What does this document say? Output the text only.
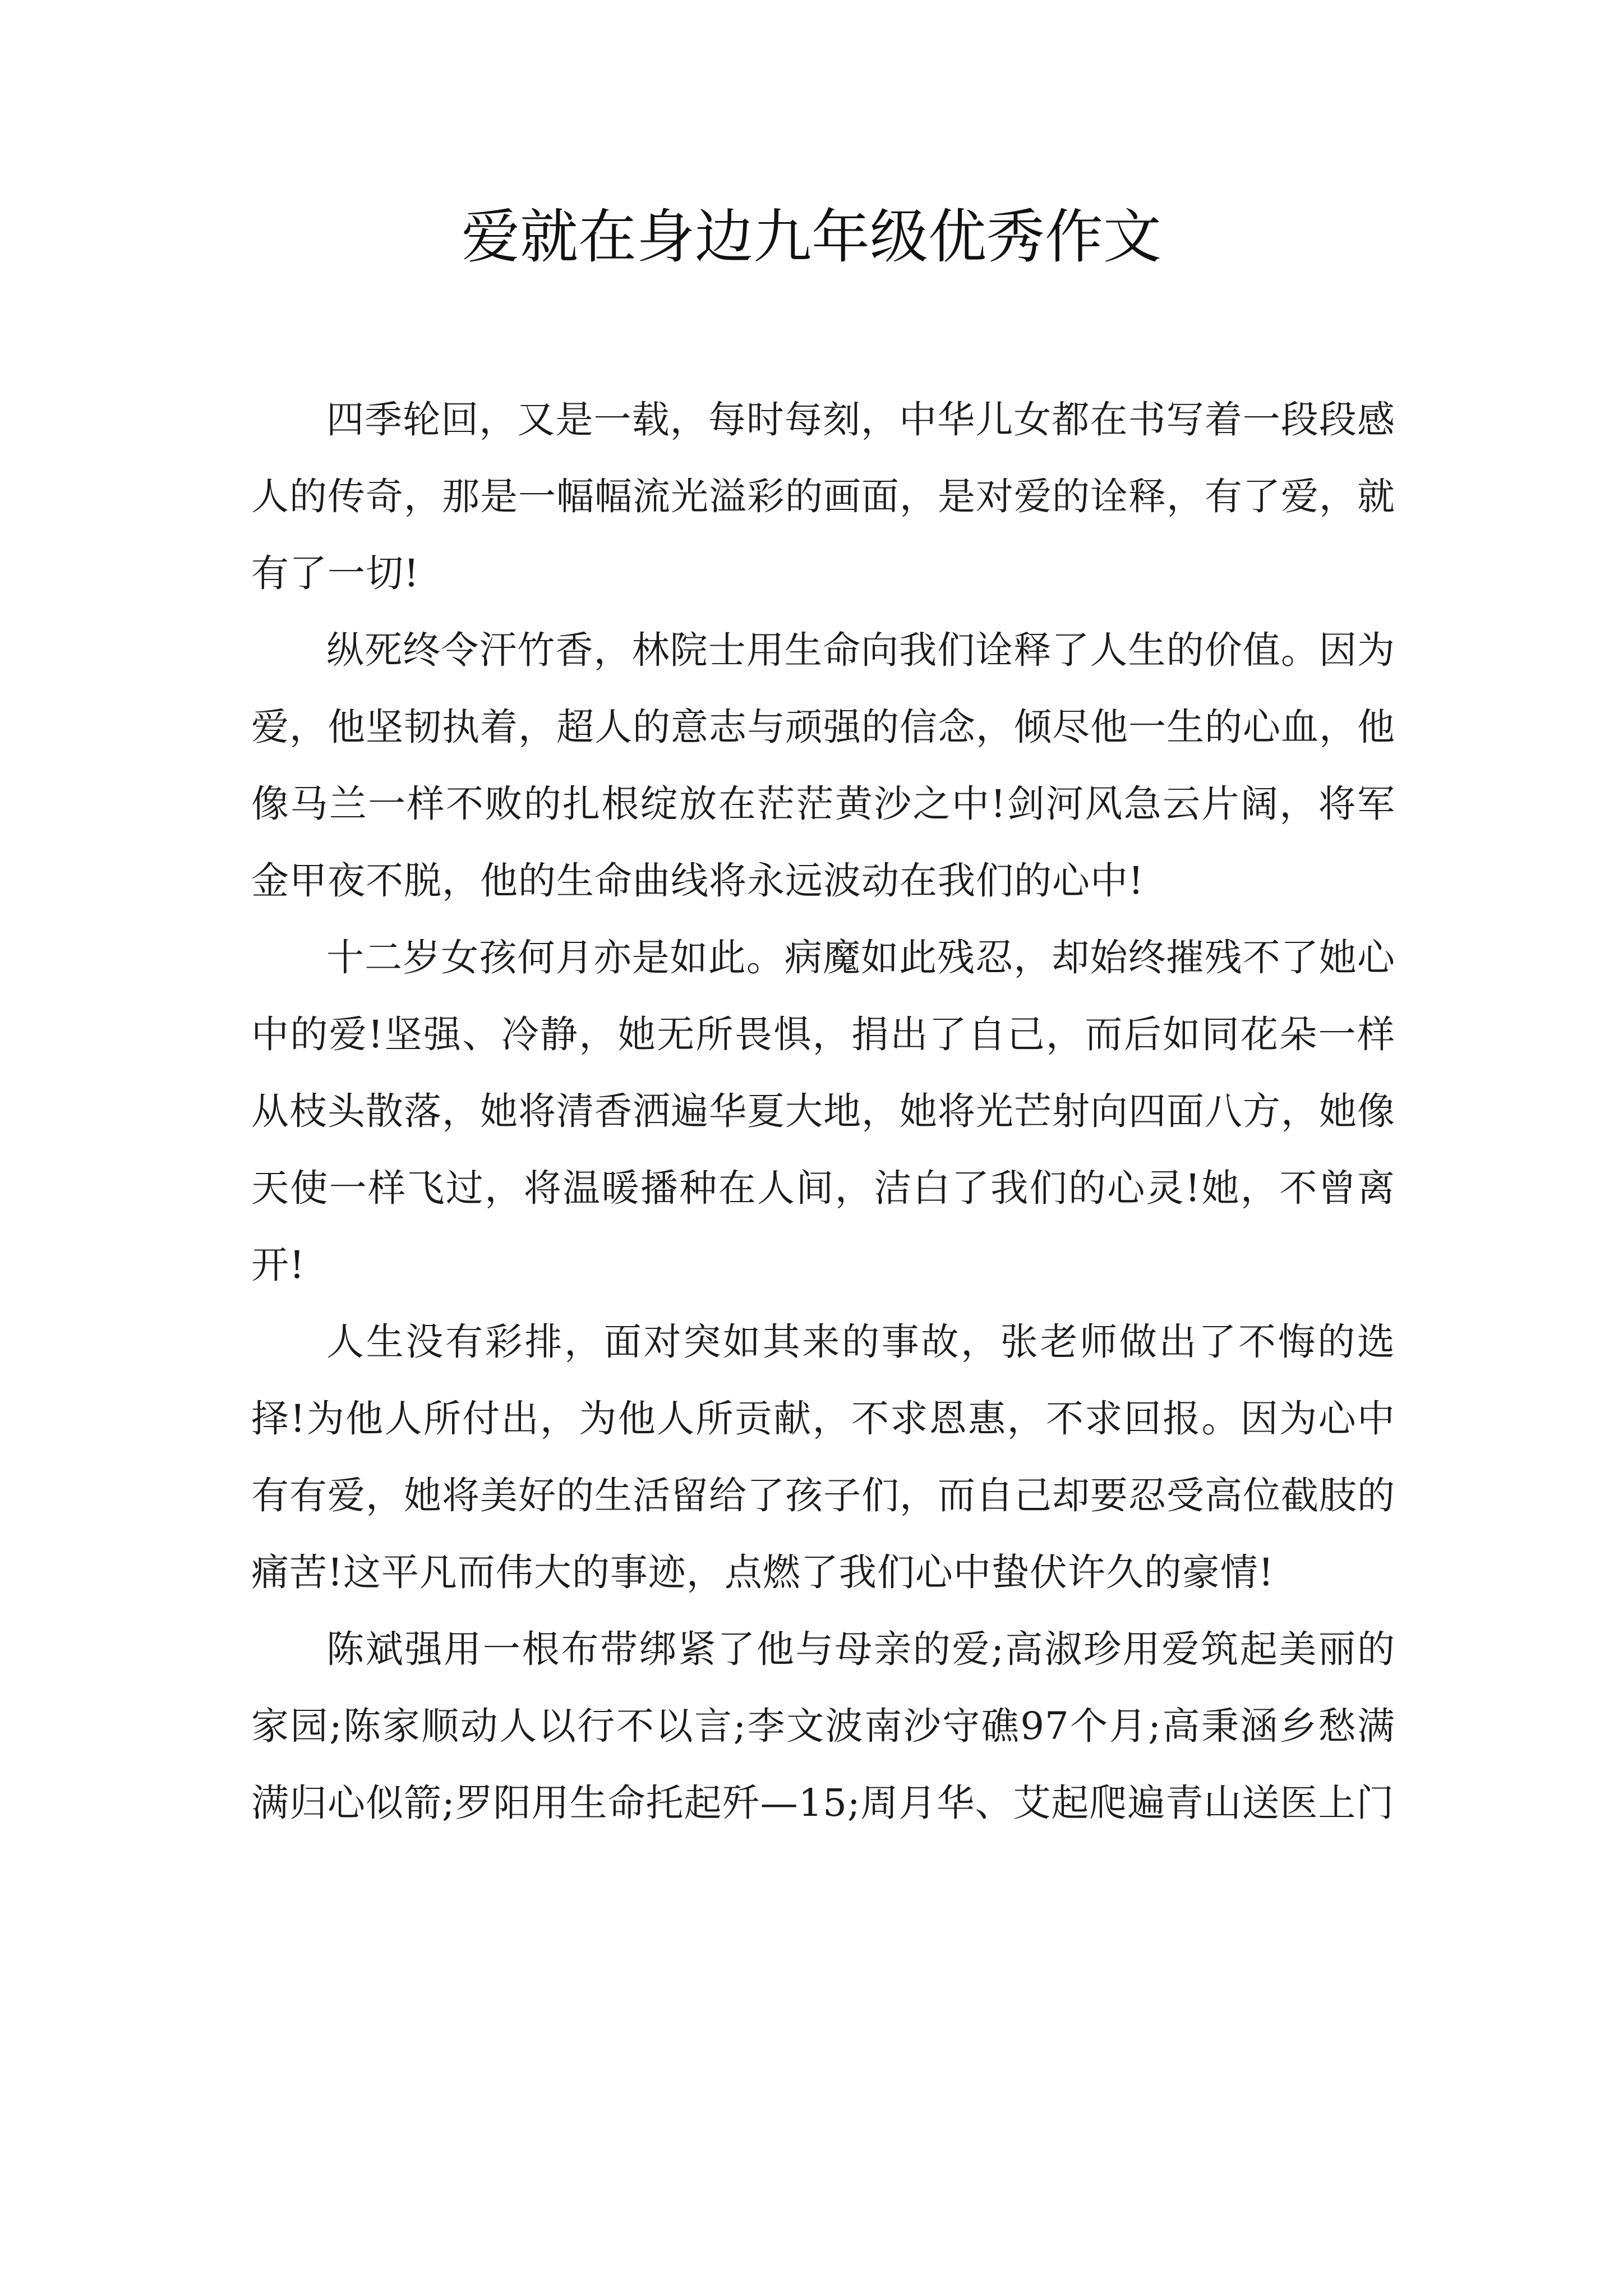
爱就在身边九年级优秀作文

四季轮回，又是一载，每时每刻，中华儿女都在书写着一段段感人的传奇，那是一幅幅流光溢彩的画面，是对爱的诠释，有了爱，就有了一切!

纵死终令汗竹香，林院士用生命向我们诠释了人生的价值。因为爱，他坚韧执着，超人的意志与顽强的信念，倾尽他一生的心血，他像马兰一样不败的扎根绽放在茫茫黄沙之中!剑河风急云片阔，将军金甲夜不脱，他的生命曲线将永远波动在我们的心中!

十二岁女孩何月亦是如此。病魔如此残忍，却始终摧残不了她心中的爱!坚强、冷静，她无所畏惧，捐出了自己，而后如同花朵一样从枝头散落，她将清香洒遍华夏大地，她将光芒射向四面八方，她像天使一样飞过，将温暖播种在人间，洁白了我们的心灵!她，不曾离开!

人生没有彩排，面对突如其来的事故，张老师做出了不悔的选择!为他人所付出，为他人所贡献，不求恩惠，不求回报。因为心中有有爱，她将美好的生活留给了孩子们，而自己却要忍受高位截肢的痛苦!这平凡而伟大的事迹，点燃了我们心中蛰伏许久的豪情!

陈斌强用一根布带绑紧了他与母亲的爱;高淑珍用爱筑起美丽的家园;陈家顺动人以行不以言;李文波南沙守礁97个月;高秉涵乡愁满满归心似箭;罗阳用生命托起歼—15;周月华、艾起爬遍青山送医上门
